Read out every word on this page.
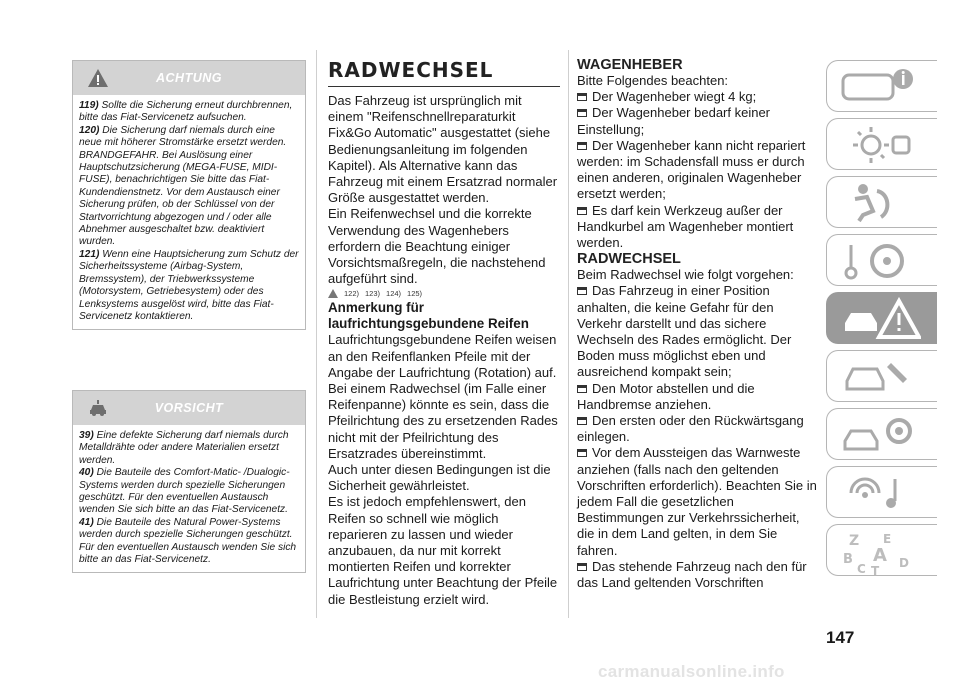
ACHTUNG

119) Sollte die Sicherung erneut durchbrennen, bitte das Fiat-Servicenetz aufsuchen.

120) Die Sicherung darf niemals durch eine neue mit höherer Stromstärke ersetzt werden. BRANDGEFAHR. Bei Auslösung einer Hauptschutzsicherung (MEGA-FUSE, MIDI-FUSE), benachrichtigen Sie bitte das Fiat-Kundendienstnetz. Vor dem Austausch einer Sicherung prüfen, ob der Schlüssel von der Startvorrichtung abgezogen und / oder alle Abnehmer ausgeschaltet bzw. deaktiviert wurden.

121) Wenn eine Hauptsicherung zum Schutz der Sicherheitssysteme (Airbag-System, Bremssystem), der Triebwerkssysteme (Motorsystem, Getriebesystem) oder des Lenksystems ausgelöst wird, bitte das Fiat-Servicenetz kontaktieren.

VORSICHT

39) Eine defekte Sicherung darf niemals durch Metalldrähte oder andere Materialien ersetzt werden.

40) Die Bauteile des Comfort-Matic- /Dualogic-Systems werden durch spezielle Sicherungen geschützt. Für den eventuellen Austausch wenden Sie sich bitte an das Fiat-Servicenetz.

41) Die Bauteile des Natural Power-Systems werden durch spezielle Sicherungen geschützt. Für den eventuellen Austausch wenden Sie sich bitte an das Fiat-Servicenetz.

RADWECHSEL

Das Fahrzeug ist ursprünglich mit einem "Reifenschnellreparaturkit Fix&Go Automatic" ausgestattet (siehe Bedienungsanleitung im folgenden Kapitel). Als Alternative kann das Fahrzeug mit einem Ersatzrad normaler Größe ausgestattet werden.

Ein Reifenwechsel und die korrekte Verwendung des Wagenhebers erfordern die Beachtung einiger Vorsichtsmaßregeln, die nachstehend aufgeführt sind.

122) 123) 124) 125)
Anmerkung für laufrichtungsgebundene Reifen

Laufrichtungsgebundene Reifen weisen an den Reifenflanken Pfeile mit der Angabe der Laufrichtung (Rotation) auf. Bei einem Radwechsel (im Falle einer Reifenpanne) könnte es sein, dass die Pfeilrichtung des zu ersetzenden Rades nicht mit der Pfeilrichtung des Ersatzrades übereinstimmt.

Auch unter diesen Bedingungen ist die Sicherheit gewährleistet.

Es ist jedoch empfehlenswert, den Reifen so schnell wie möglich reparieren zu lassen und wieder anzubauen, da nur mit korrekt montierten Reifen und korrekter Laufrichtung unter Beachtung der Pfeile die Bestleistung erzielt wird.

WAGENHEBER

Bitte Folgendes beachten:

Der Wagenheber wiegt 4 kg;

Der Wagenheber bedarf keiner Einstellung;

Der Wagenheber kann nicht repariert werden: im Schadensfall muss er durch einen anderen, originalen Wagenheber ersetzt werden;

Es darf kein Werkzeug außer der Handkurbel am Wagenheber montiert werden.

RADWECHSEL

Beim Radwechsel wie folgt vorgehen:

Das Fahrzeug in einer Position anhalten, die keine Gefahr für den Verkehr darstellt und das sichere Wechseln des Rades ermöglicht. Der Boden muss möglichst eben und ausreichend kompakt sein;

Den Motor abstellen und die Handbremse anziehen.

Den ersten oder den Rückwärtsgang einlegen.

Vor dem Aussteigen das Warnweste anziehen (falls nach den geltenden Vorschriften erforderlich). Beachten Sie in jedem Fall die gesetzlichen Bestimmungen zur Verkehrssicherheit, die in dem Land gelten, in dem Sie fahren.

Das stehende Fahrzeug nach den für das Land geltenden Vorschriften

Z E
B A
C T
D
147
carmanualsonline.info
